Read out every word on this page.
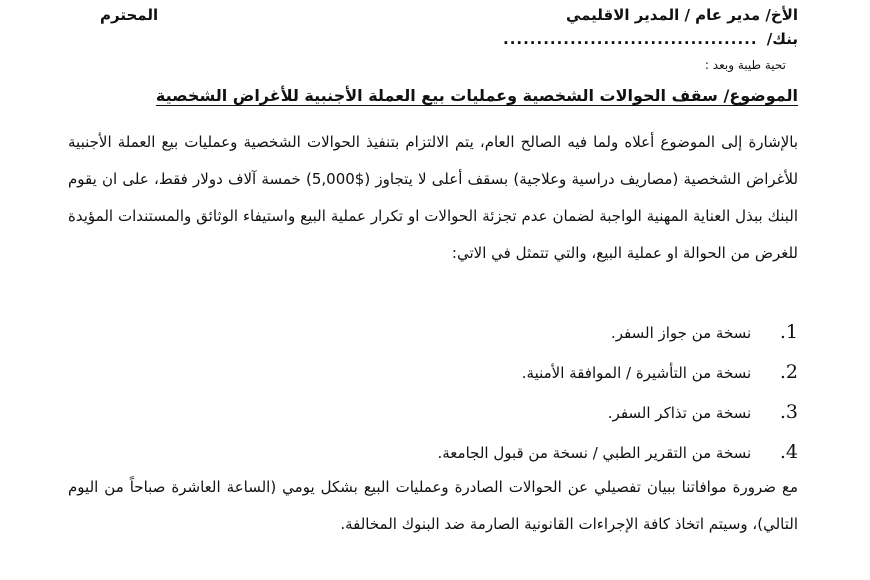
الأخ/ مدير عام / المدير الاقليمي
المحترم
بنك/ ......................................
تحية طيبة وبعد :
الموضوع/ سقف الحوالات الشخصية وعمليات بيع العملة الأجنبية للأغراض الشخصية
بالإشارة إلى الموضوع أعلاه ولما فيه الصالح العام، يتم الالتزام بتنفيذ الحوالات الشخصية وعمليات بيع العملة الأجنبية للأغراض الشخصية (مصاريف دراسية وعلاجية) بسقف أعلى لا يتجاوز ($5,000) خمسة آلاف دولار فقط، على ان يقوم البنك ببذل العناية المهنية الواجبة لضمان عدم تجزئة الحوالات او تكرار عملية البيع واستيفاء الوثائق والمستندات المؤيدة للغرض من الحوالة او عملية البيع، والتي تتمثل في الاتي:
1. نسخة من جواز السفر.
2. نسخة من التأشيرة / الموافقة الأمنية.
3. نسخة من تذاكر السفر.
4. نسخة من التقرير الطبي / نسخة من قبول الجامعة.
مع ضرورة موافاتنا ببيان تفصيلي عن الحوالات الصادرة وعمليات البيع بشكل يومي (الساعة العاشرة صباحاً من اليوم التالي)، وسيتم اتخاذ كافة الإجراءات القانونية الصارمة ضد البنوك المخالفة.
